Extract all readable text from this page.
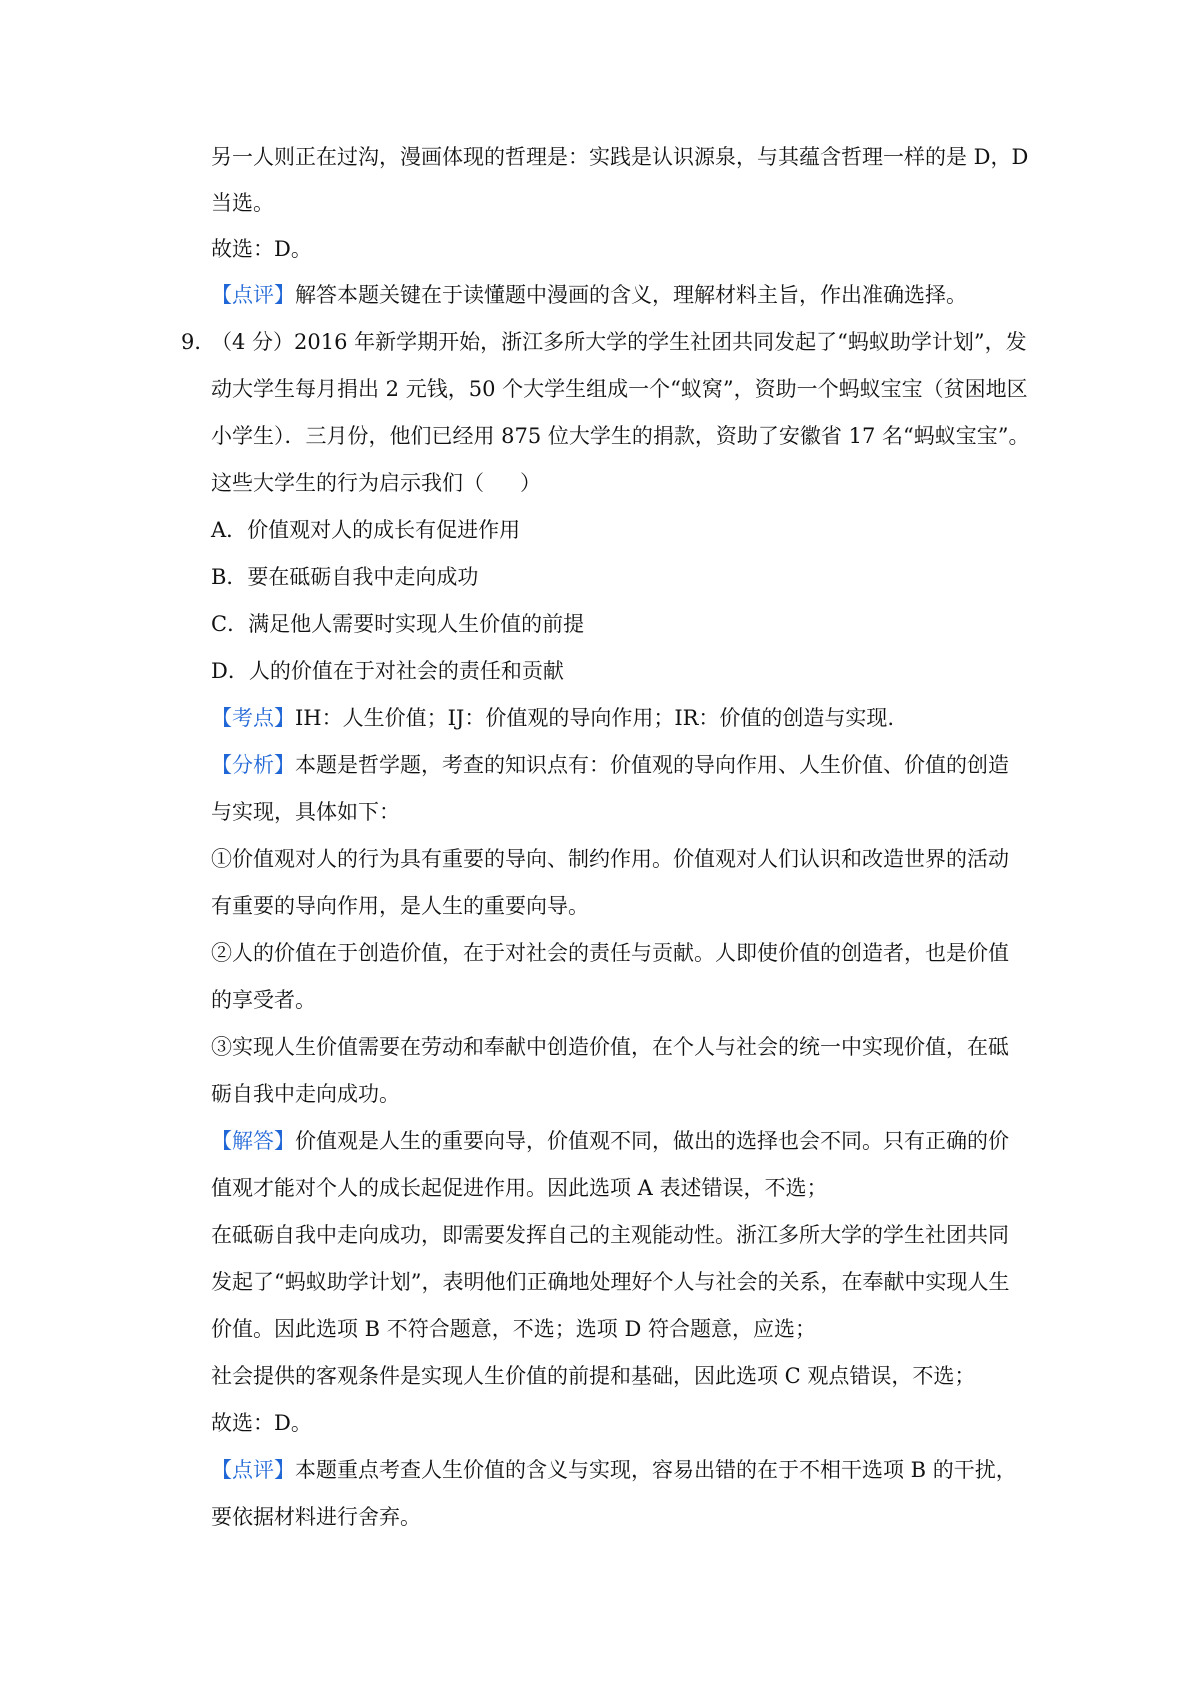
另一人则正在过沟，漫画体现的哲理是：实践是认识源泉，与其蕴含哲理一样的是 D，D

当选。

故选：D。

【点评】解答本题关键在于读懂题中漫画的含义，理解材料主旨，作出准确选择。

9．

（4 分）2016 年新学期开始，浙江多所大学的学生社团共同发起了“蚂蚁助学计划”，发

动大学生每月捐出 2 元钱，50 个大学生组成一个“蚁窝”，资助一个蚂蚁宝宝（贫困地区

小学生）．三月份，他们已经用 875 位大学生的捐款，资助了安徽省 17 名“蚂蚁宝宝”。

这些大学生的行为启示我们（ ）

A．价值观对人的成长有促进作用

B．要在砥砺自我中走向成功

C．满足他人需要时实现人生价值的前提

D．人的价值在于对社会的责任和贡献

【考点】IH：人生价值；IJ：价值观的导向作用；IR：价值的创造与实现.

【分析】本题是哲学题，考查的知识点有：价值观的导向作用、人生价值、价值的创造

与实现，具体如下：

①价值观对人的行为具有重要的导向、制约作用。价值观对人们认识和改造世界的活动

有重要的导向作用，是人生的重要向导。

②人的价值在于创造价值，在于对社会的责任与贡献。人即使价值的创造者，也是价值

的享受者。

③实现人生价值需要在劳动和奉献中创造价值，在个人与社会的统一中实现价值，在砥

砺自我中走向成功。

【解答】价值观是人生的重要向导，价值观不同，做出的选择也会不同。只有正确的价

值观才能对个人的成长起促进作用。因此选项 A 表述错误，不选；

在砥砺自我中走向成功，即需要发挥自己的主观能动性。浙江多所大学的学生社团共同

发起了“蚂蚁助学计划”，表明他们正确地处理好个人与社会的关系，在奉献中实现人生

价值。因此选项 B 不符合题意，不选；选项 D 符合题意，应选；

社会提供的客观条件是实现人生价值的前提和基础，因此选项 C 观点错误，不选；

故选：D。

【点评】本题重点考查人生价值的含义与实现，容易出错的在于不相干选项 B 的干扰，

要依据材料进行舍弃。
